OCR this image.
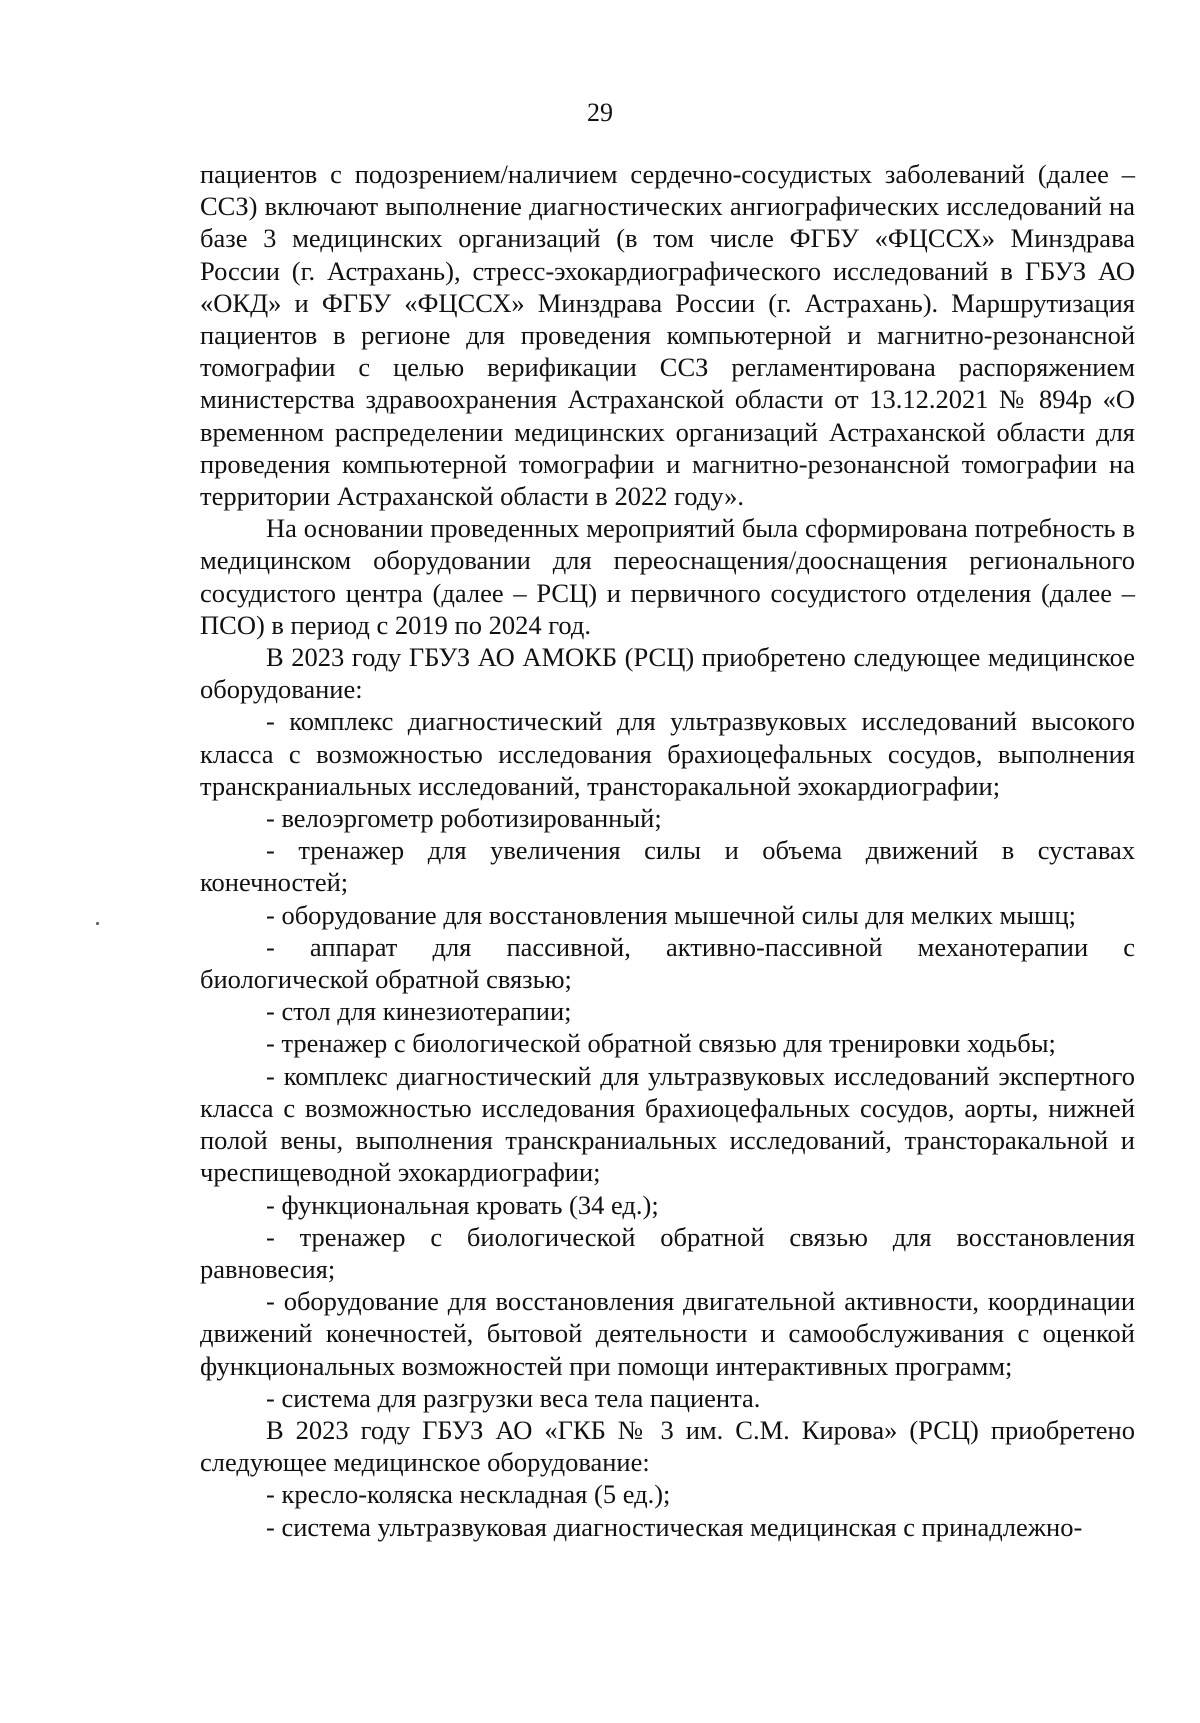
29

пациентов с подозрением/наличием сердечно-сосудистых заболеваний (далее – ССЗ) включают выполнение диагностических ангиографических исследований на базе 3 медицинских организаций (в том числе ФГБУ «ФЦССХ» Минздрава России (г. Астрахань), стресс-эхокардиографического исследований в ГБУЗ АО «ОКД» и ФГБУ «ФЦССХ» Минздрава России (г. Астрахань). Маршрутизация пациентов в регионе для проведения компьютерной и магнитно-резонансной томографии с целью верификации ССЗ регламентирована распоряжением министерства здравоохранения Астраханской области от 13.12.2021 № 894р «О временном распределении медицинских организаций Астраханской области для проведения компьютерной томографии и магнитно-резонансной томографии на территории Астраханской области в 2022 году».

На основании проведенных мероприятий была сформирована потребность в медицинском оборудовании для переоснащения/дооснащения регионального сосудистого центра (далее – РСЦ) и первичного сосудистого отделения (далее – ПСО) в период с 2019 по 2024 год.

В 2023 году ГБУЗ АО АМОКБ (РСЦ) приобретено следующее медицинское оборудование:

- комплекс диагностический для ультразвуковых исследований высокого класса с возможностью исследования брахиоцефальных сосудов, выполнения транскраниальных исследований, трансторакальной эхокардиографии;

- велоэргометр роботизированный;

- тренажер для увеличения силы и объема движений в суставах конечностей;

- оборудование для восстановления мышечной силы для мелких мышц;

- аппарат для пассивной, активно-пассивной механотерапии с биологической обратной связью;

- стол для кинезиотерапии;

- тренажер с биологической обратной связью для тренировки ходьбы;

- комплекс диагностический для ультразвуковых исследований экспертного класса с возможностью исследования брахиоцефальных сосудов, аорты, нижней полой вены, выполнения транскраниальных исследований, трансторакальной и чреспищеводной эхокардиографии;

- функциональная кровать (34 ед.);

- тренажер с биологической обратной связью для восстановления равновесия;

- оборудование для восстановления двигательной активности, координации движений конечностей, бытовой деятельности и самообслуживания с оценкой функциональных возможностей при помощи интерактивных программ;

- система для разгрузки веса тела пациента.

В 2023 году ГБУЗ АО «ГКБ № 3 им. С.М. Кирова» (РСЦ) приобретено следующее медицинское оборудование:

- кресло-коляска нескладная (5 ед.);

- система ультразвуковая диагностическая медицинская с принадлежно-
